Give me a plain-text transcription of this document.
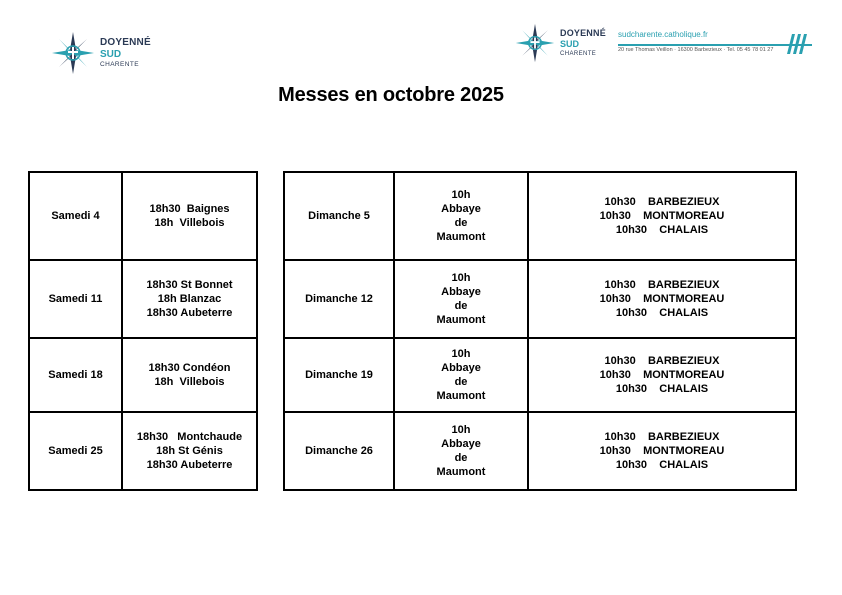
DOYENNÉ
SUD
CHARENTE
DOYENNÉ
SUD
CHARENTE
sudcharente.catholique.fr
20 rue Thomas Veillon · 16300 Barbezieux · Tel. 05 45 78 01 27
Messes en octobre 2025
Samedi 4	18h30  Baignes
18h  Villebois

Samedi 11	18h30 St Bonnet
18h Blanzac
18h30 Aubeterre

Samedi 18	18h30 Condéon
18h  Villebois

Samedi 25	18h30   Montchaude
18h St Génis
18h30 Aubeterre
Dimanche 5	10h
Abbaye
de
Maumont	10h30    BARBEZIEUX
10h30    MONTMOREAU
10h30    CHALAIS

Dimanche 12	10h
Abbaye
de
Maumont	10h30    BARBEZIEUX
10h30    MONTMOREAU
10h30    CHALAIS

Dimanche 19	10h
Abbaye
de
Maumont	10h30    BARBEZIEUX
10h30    MONTMOREAU
10h30    CHALAIS

Dimanche 26	10h
Abbaye
de
Maumont	10h30    BARBEZIEUX
10h30    MONTMOREAU
10h30    CHALAIS
